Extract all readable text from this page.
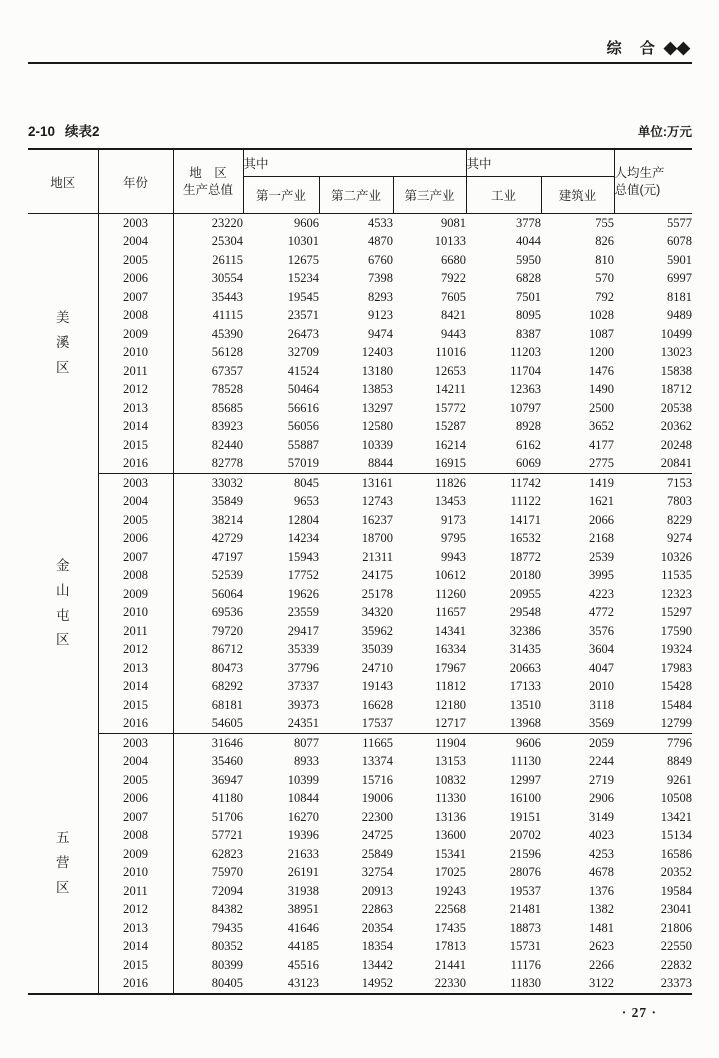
综 合 ◆◆
2-10 续表2	单位:万元
地区	年份	地　区
生产总值	其中			其中		人均生产
总值(元)
			第一产业	第二产业	第三产业	工业	建筑业	

美溪区	2003	23220	9606	4533	9081	3778	755	5577
	2004	25304	10301	4870	10133	4044	826	6078
	2005	26115	12675	6760	6680	5950	810	5901
	2006	30554	15234	7398	7922	6828	570	6997
	2007	35443	19545	8293	7605	7501	792	8181
	2008	41115	23571	9123	8421	8095	1028	9489
	2009	45390	26473	9474	9443	8387	1087	10499
	2010	56128	32709	12403	11016	11203	1200	13023
	2011	67357	41524	13180	12653	11704	1476	15838
	2012	78528	50464	13853	14211	12363	1490	18712
	2013	85685	56616	13297	15772	10797	2500	20538
	2014	83923	56056	12580	15287	8928	3652	20362
	2015	82440	55887	10339	16214	6162	4177	20248
	2016	82778	57019	8844	16915	6069	2775	20841

金山屯区	2003	33032	8045	13161	11826	11742	1419	7153
	2004	35849	9653	12743	13453	11122	1621	7803
	2005	38214	12804	16237	9173	14171	2066	8229
	2006	42729	14234	18700	9795	16532	2168	9274
	2007	47197	15943	21311	9943	18772	2539	10326
	2008	52539	17752	24175	10612	20180	3995	11535
	2009	56064	19626	25178	11260	20955	4223	12323
	2010	69536	23559	34320	11657	29548	4772	15297
	2011	79720	29417	35962	14341	32386	3576	17590
	2012	86712	35339	35039	16334	31435	3604	19324
	2013	80473	37796	24710	17967	20663	4047	17983
	2014	68292	37337	19143	11812	17133	2010	15428
	2015	68181	39373	16628	12180	13510	3118	15484
	2016	54605	24351	17537	12717	13968	3569	12799

五营区	2003	31646	8077	11665	11904	9606	2059	7796
	2004	35460	8933	13374	13153	11130	2244	8849
	2005	36947	10399	15716	10832	12997	2719	9261
	2006	41180	10844	19006	11330	16100	2906	10508
	2007	51706	16270	22300	13136	19151	3149	13421
	2008	57721	19396	24725	13600	20702	4023	15134
	2009	62823	21633	25849	15341	21596	4253	16586
	2010	75970	26191	32754	17025	28076	4678	20352
	2011	72094	31938	20913	19243	19537	1376	19584
	2012	84382	38951	22863	22568	21481	1382	23041
	2013	79435	41646	20354	17435	18873	1481	21806
	2014	80352	44185	18354	17813	15731	2623	22550
	2015	80399	45516	13442	21441	11176	2266	22832
	2016	80405	43123	14952	22330	11830	3122	23373
· 27 ·
